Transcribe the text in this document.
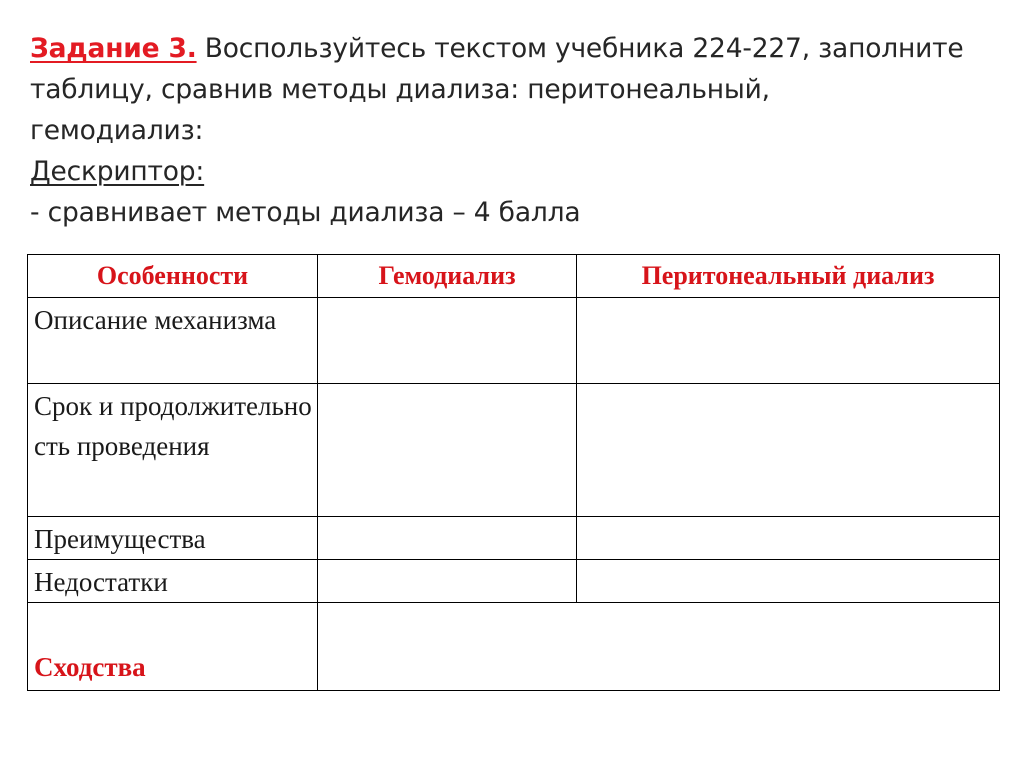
Задание 3. Воспользуйтесь текстом учебника 224-227, заполните
таблицу, сравнив методы диализа: перитонеальный,
гемодиализ:
Дескриптор:
- сравнивает методы диализа – 4 балла
Особенности	Гемодиализ	Перитонеальный диализ
Описание механизма		
Срок и продолжительность проведения		
Преимущества		
Недостатки		
Сходства		
